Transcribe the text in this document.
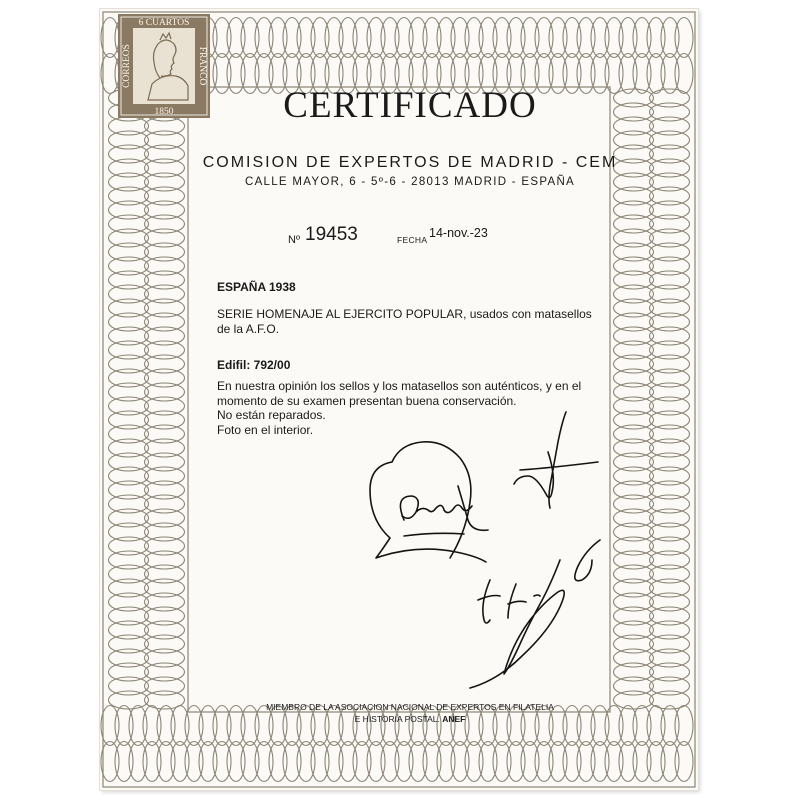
6 CUARTOS
1850
CORREOS	FRANCO
CERTIFICADO
COMISION DE EXPERTOS DE MADRID - CEM
CALLE MAYOR, 6 - 5º-6 - 28013 MADRID - ESPAÑA
Nº 19453	FECHA 14-nov.-23
ESPAÑA 1938
SERIE HOMENAJE AL EJERCITO POPULAR, usados con matasellos de la A.F.O.
Edifil: 792/00
En nuestra opinión los sellos y los matasellos son auténticos, y en el
momento de su examen presentan buena conservación.
No están reparados.
Foto en el interior.
MIEMBRO DE LA ASOCIACION NACIONAL DE EXPERTOS EN FILATELIA
E HISTORIA POSTAL. ANEF
